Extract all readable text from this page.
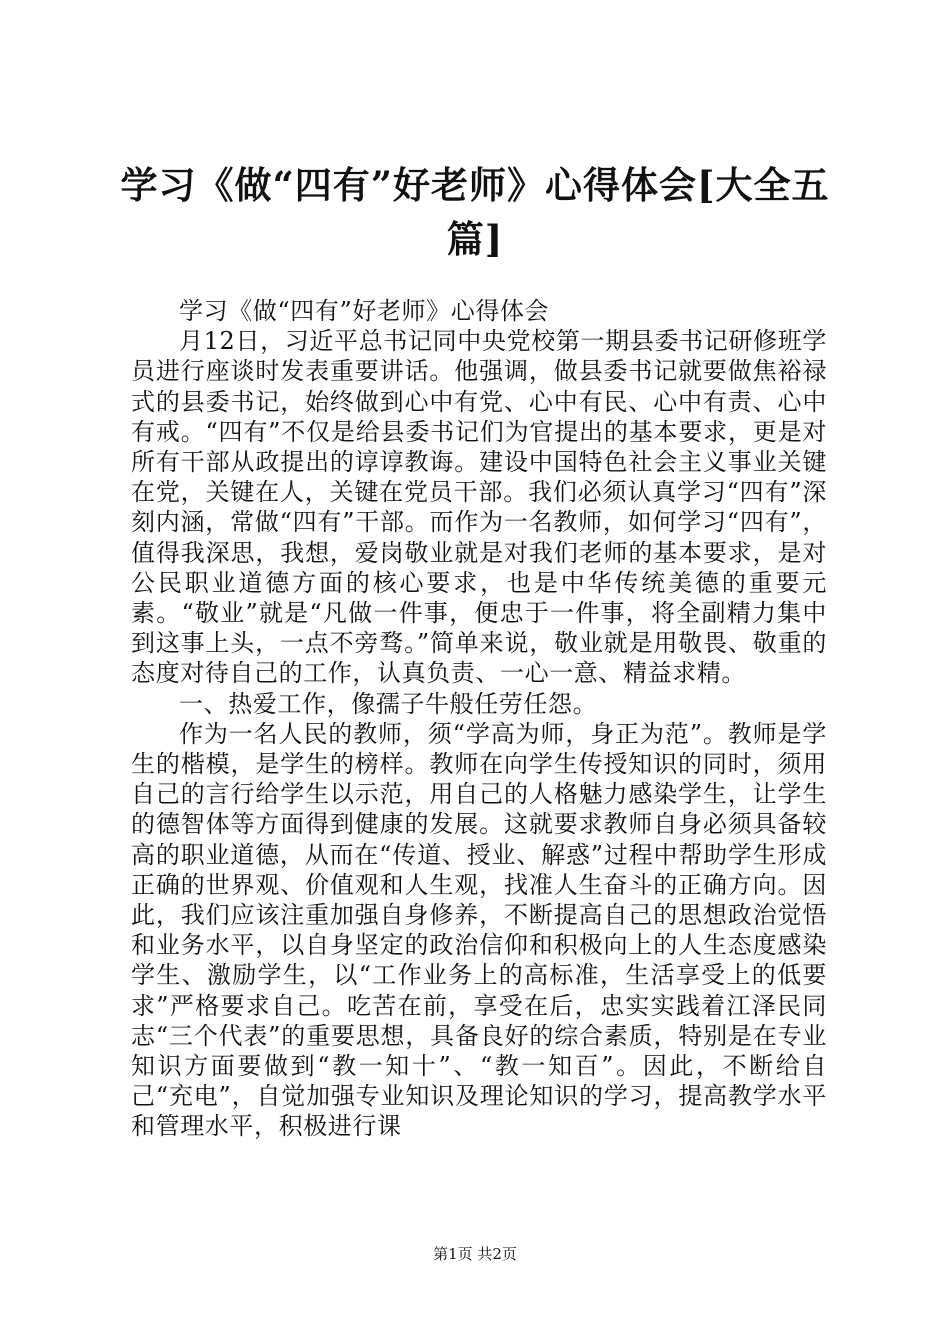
学习《做“四有”好老师》心得体会[大全五篇]

学习《做“四有”好老师》心得体会

月12日，习近平总书记同中央党校第一期县委书记研修班学员进行座谈时发表重要讲话。他强调，做县委书记就要做焦裕禄式的县委书记，始终做到心中有党、心中有民、心中有责、心中有戒。“四有”不仅是给县委书记们为官提出的基本要求，更是对所有干部从政提出的谆谆教诲。建设中国特色社会主义事业关键在党，关键在人，关键在党员干部。我们必须认真学习“四有”深刻内涵，常做“四有”干部。而作为一名教师，如何学习“四有”，值得我深思，我想，爱岗敬业就是对我们老师的基本要求，是对公民职业道德方面的核心要求，也是中华传统美德的重要元素。“敬业”就是“凡做一件事，便忠于一件事，将全副精力集中到这事上头，一点不旁骛。”简单来说，敬业就是用敬畏、敬重的态度对待自己的工作，认真负责、一心一意、精益求精。

一、热爱工作，像孺子牛般任劳任怨。

作为一名人民的教师，须“学高为师，身正为范”。教师是学生的楷模，是学生的榜样。教师在向学生传授知识的同时，须用自己的言行给学生以示范，用自己的人格魅力感染学生，让学生的德智体等方面得到健康的发展。这就要求教师自身必须具备较高的职业道德，从而在“传道、授业、解惑”过程中帮助学生形成正确的世界观、价值观和人生观，找准人生奋斗的正确方向。因此，我们应该注重加强自身修养，不断提高自己的思想政治觉悟和业务水平，以自身坚定的政治信仰和积极向上的人生态度感染学生、激励学生，以“工作业务上的高标准，生活享受上的低要求”严格要求自己。吃苦在前，享受在后，忠实实践着江泽民同志“三个代表”的重要思想，具备良好的综合素质，特别是在专业知识方面要做到“教一知十”、“教一知百”。因此，不断给自己“充电”，自觉加强专业知识及理论知识的学习，提高教学水平和管理水平，积极进行课

第1页 共2页
